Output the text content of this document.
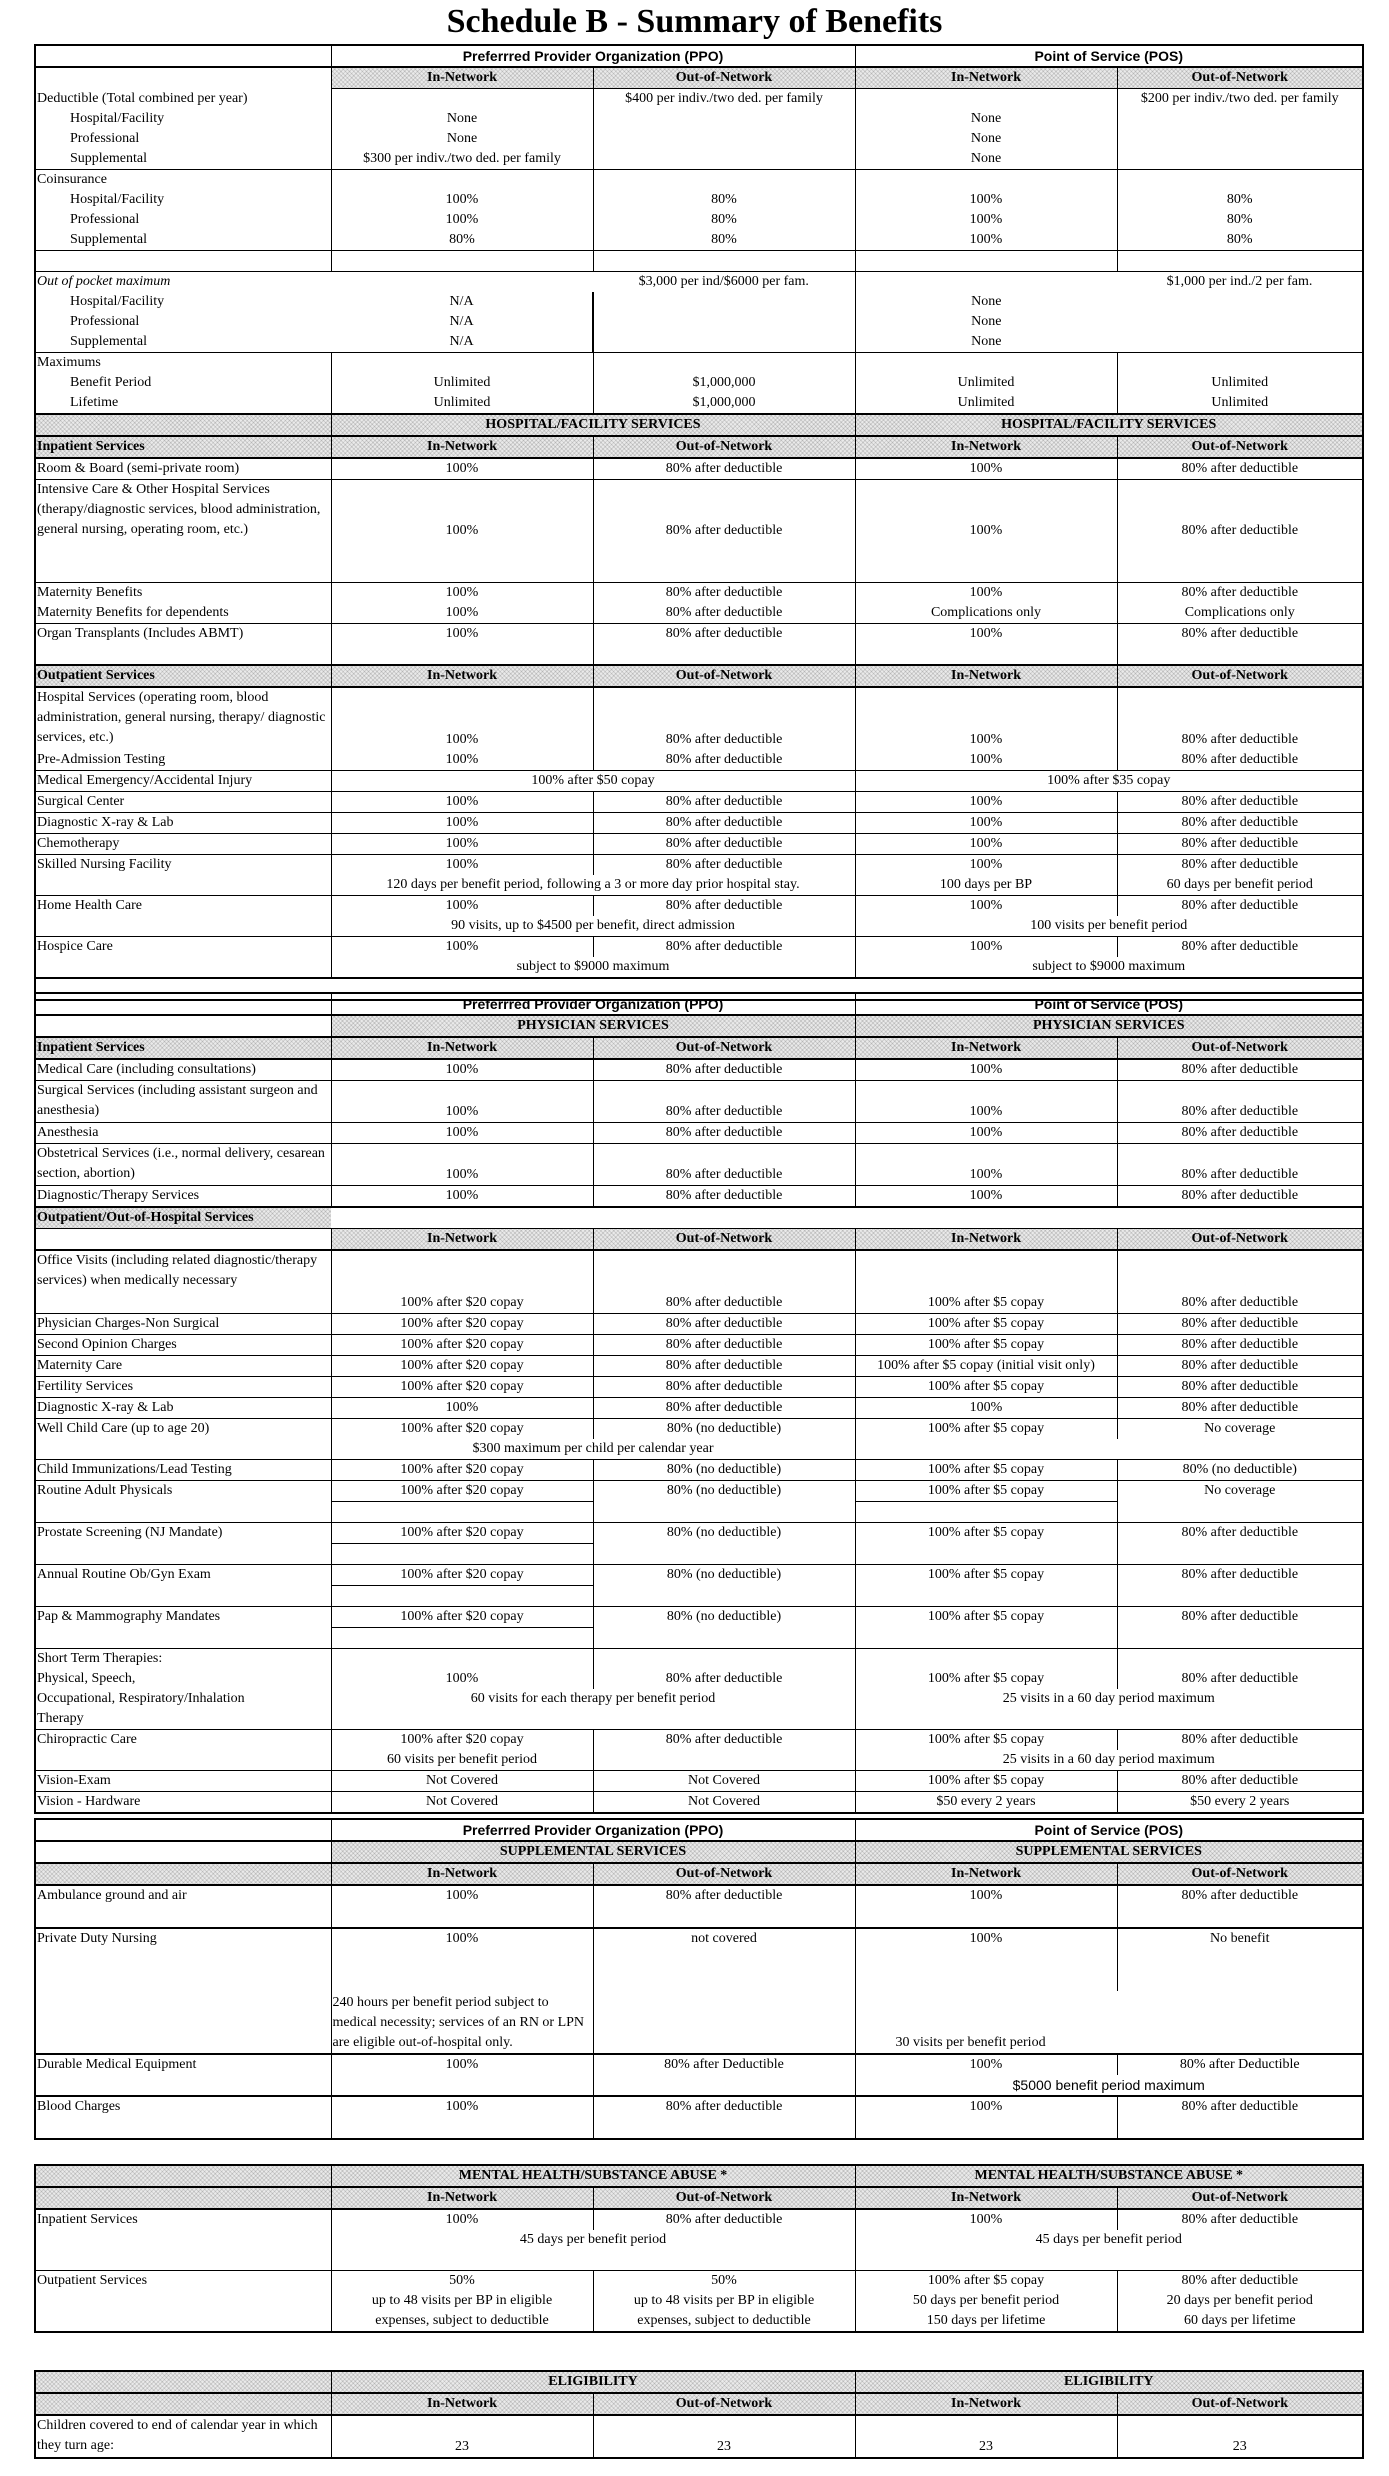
Schedule B - Summary of Benefits
	Preferrred Provider Organization (PPO)		Point of Service (POS)	
	In-Network	Out-of-Network	In-Network	Out-of-Network
Deductible (Total combined per year)		$400 per indiv./two ded. per family		$200 per indiv./two ded. per family
Hospital/Facility	None		None	
Professional	None		None	
Supplemental	$300 per indiv./two ded. per family		None	
Coinsurance				
Hospital/Facility	100%	80%	100%	80%
Professional	100%	80%	100%	80%
Supplemental	80%	80%	100%	80%

Out of pocket maximum		$3,000 per ind/$6000 per fam.		$1,000 per ind./2 per fam.
Hospital/Facility	N/A		None	
Professional	N/A		None	
Supplemental	N/A		None	
Maximums				
Benefit Period	Unlimited	$1,000,000	Unlimited	Unlimited
Lifetime	Unlimited	$1,000,000	Unlimited	Unlimited
	HOSPITAL/FACILITY SERVICES		HOSPITAL/FACILITY SERVICES	
Inpatient Services	In-Network	Out-of-Network	In-Network	Out-of-Network
Room & Board (semi-private room)	100%	80% after deductible	100%	80% after deductible
Intensive Care & Other Hospital Services (therapy/diagnostic services, blood administration, general nursing, operating room, etc.)	100%	80% after deductible	100%	80% after deductible
Maternity Benefits	100%	80% after deductible	100%	80% after deductible
Maternity Benefits for dependents	100%	80% after deductible	Complications only	Complications only
Organ Transplants (Includes ABMT)	100%	80% after deductible	100%	80% after deductible
Outpatient Services	In-Network	Out-of-Network	In-Network	Out-of-Network
Hospital Services (operating room, blood administration, general nursing, therapy/ diagnostic services, etc.)	100%	80% after deductible	100%	80% after deductible
Pre-Admission Testing	100%	80% after deductible	100%	80% after deductible
Medical Emergency/Accidental Injury	100% after $50 copay		100% after $35 copay	
Surgical Center	100%	80% after deductible	100%	80% after deductible
Diagnostic X-ray & Lab	100%	80% after deductible	100%	80% after deductible
Chemotherapy	100%	80% after deductible	100%	80% after deductible
Skilled Nursing Facility	100%	80% after deductible	100%	80% after deductible
	120 days per benefit period, following a 3 or more day prior hospital stay.		100 days per BP	60 days per benefit period
Home Health Care	100%	80% after deductible	100%	80% after deductible
	90 visits, up to $4500 per benefit, direct admission		100 visits per benefit period	
Hospice Care	100%	80% after deductible	100%	80% after deductible
	subject to $9000 maximum		subject to $9000 maximum	

	Preferrred Provider Organization (PPO)		Point of Service (POS)	
	PHYSICIAN SERVICES		PHYSICIAN SERVICES	
Inpatient Services	In-Network	Out-of-Network	In-Network	Out-of-Network
Medical Care (including consultations)	100%	80% after deductible	100%	80% after deductible
Surgical Services (including assistant surgeon and anesthesia)	100%	80% after deductible	100%	80% after deductible
Anesthesia	100%	80% after deductible	100%	80% after deductible
Obstetrical Services (i.e., normal delivery, cesarean section, abortion)	100%	80% after deductible	100%	80% after deductible
Diagnostic/Therapy Services	100%	80% after deductible	100%	80% after deductible
Outpatient/Out-of-Hospital Services				
	In-Network	Out-of-Network	In-Network	Out-of-Network
Office Visits (including related diagnostic/therapy services) when medically necessary	100% after $20 copay	80% after deductible	100% after $5 copay	80% after deductible
Physician Charges-Non Surgical	100% after $20 copay	80% after deductible	100% after $5 copay	80% after deductible
Second Opinion Charges	100% after $20 copay	80% after deductible	100% after $5 copay	80% after deductible
Maternity Care	100% after $20 copay	80% after deductible	100% after $5 copay (initial visit only)	80% after deductible
Fertility Services	100% after $20 copay	80% after deductible	100% after $5 copay	80% after deductible
Diagnostic X-ray & Lab	100%	80% after deductible	100%	80% after deductible
Well Child Care (up to age 20)	100% after $20 copay	80% (no deductible)	100% after $5 copay	No coverage
	$300 maximum per child per calendar year			
Child Immunizations/Lead Testing	100% after $20 copay	80% (no deductible)	100% after $5 copay	80% (no deductible)
Routine Adult Physicals	100% after $20 copay	80% (no deductible)	100% after $5 copay	No coverage

Prostate Screening (NJ Mandate)	100% after $20 copay	80% (no deductible)	100% after $5 copay	80% after deductible

Annual Routine Ob/Gyn Exam	100% after $20 copay	80% (no deductible)	100% after $5 copay	80% after deductible

Pap & Mammography Mandates	100% after $20 copay	80% (no deductible)	100% after $5 copay	80% after deductible

Short Term Therapies:				
Physical, Speech,	100%	80% after deductible	100% after $5 copay	80% after deductible
Occupational, Respiratory/Inhalation	60 visits for each therapy per benefit period		25 visits in a 60 day period maximum	
Therapy				
Chiropractic Care	100% after $20 copay	80% after deductible	100% after $5 copay	80% after deductible
	60 visits per benefit period		25 visits in a 60 day period maximum	
Vision-Exam	Not Covered	Not Covered	100% after $5 copay	80% after deductible
Vision - Hardware	Not Covered	Not Covered	$50 every 2 years	$50 every 2 years
	Preferrred Provider Organization (PPO)		Point of Service (POS)	
	SUPPLEMENTAL SERVICES		SUPPLEMENTAL SERVICES	
	In-Network	Out-of-Network	In-Network	Out-of-Network
Ambulance ground and air	100%	80% after deductible	100%	80% after deductible
Private Duty Nursing	100%	not covered	100%	No benefit
	240 hours per benefit period subject to medical necessity; services of an RN or LPN are eligible out-of-hospital only.		30 visits per benefit period	
Durable Medical Equipment	100%	80% after Deductible	100%	80% after Deductible
			$5000 benefit period maximum	
Blood Charges	100%	80% after deductible	100%	80% after deductible
	MENTAL HEALTH/SUBSTANCE ABUSE *		MENTAL HEALTH/SUBSTANCE ABUSE *	
	In-Network	Out-of-Network	In-Network	Out-of-Network
Inpatient Services	100%	80% after deductible	100%	80% after deductible
	45 days per benefit period		45 days per benefit period	

Outpatient Services	50%	50%	100% after $5 copay	80% after deductible
	up to 48 visits per BP in eligible	up to 48 visits per BP in eligible	50 days per benefit period	20 days per benefit period
	expenses, subject to deductible	expenses, subject to deductible	150 days per lifetime	60 days per lifetime
	ELIGIBILITY		ELIGIBILITY	
	In-Network	Out-of-Network	In-Network	Out-of-Network
Children covered to end of calendar year in which they turn age:	23	23	23	23
